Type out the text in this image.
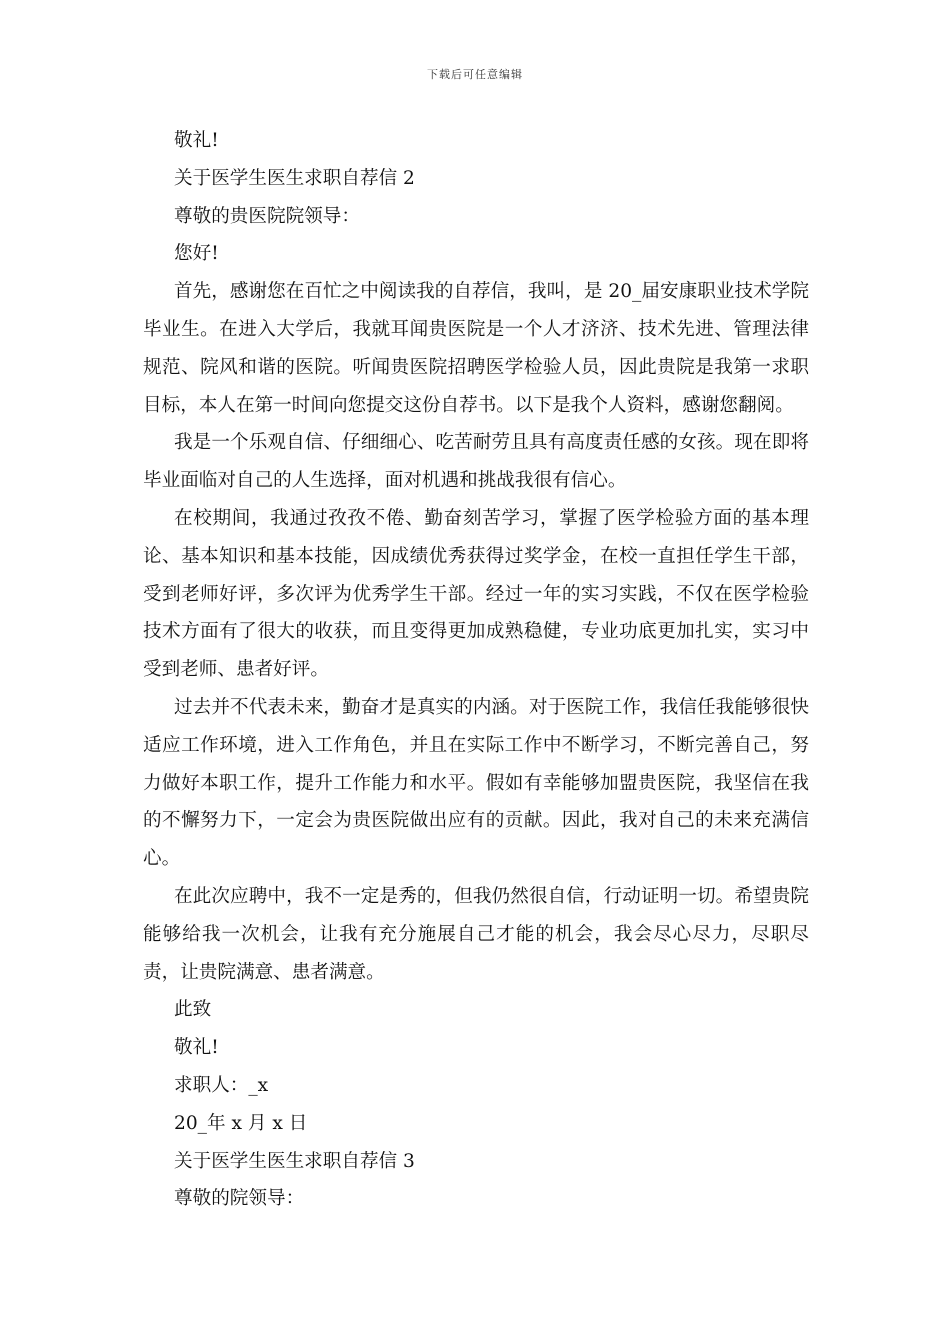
下载后可任意编辑

敬礼!

关于医学生医生求职自荐信 2

尊敬的贵医院院领导：

您好!

首先，感谢您在百忙之中阅读我的自荐信，我叫，是 20_届安康职业技术学院毕业生。在进入大学后，我就耳闻贵医院是一个人才济济、技术先进、管理法律规范、院风和谐的医院。听闻贵医院招聘医学检验人员，因此贵院是我第一求职目标，本人在第一时间向您提交这份自荐书。以下是我个人资料，感谢您翻阅。

我是一个乐观自信、仔细细心、吃苦耐劳且具有高度责任感的女孩。现在即将毕业面临对自己的人生选择，面对机遇和挑战我很有信心。

在校期间，我通过孜孜不倦、勤奋刻苦学习，掌握了医学检验方面的基本理论、基本知识和基本技能，因成绩优秀获得过奖学金，在校一直担任学生干部，受到老师好评，多次评为优秀学生干部。经过一年的实习实践，不仅在医学检验技术方面有了很大的收获，而且变得更加成熟稳健，专业功底更加扎实，实习中受到老师、患者好评。

过去并不代表未来，勤奋才是真实的内涵。对于医院工作，我信任我能够很快适应工作环境，进入工作角色，并且在实际工作中不断学习，不断完善自己，努力做好本职工作，提升工作能力和水平。假如有幸能够加盟贵医院，我坚信在我的不懈努力下，一定会为贵医院做出应有的贡献。因此，我对自己的未来充满信心。

在此次应聘中，我不一定是秀的，但我仍然很自信，行动证明一切。希望贵院能够给我一次机会，让我有充分施展自己才能的机会，我会尽心尽力，尽职尽责，让贵院满意、患者满意。

此致

敬礼!

求职人：_x

20_年 x 月 x 日

关于医学生医生求职自荐信 3

尊敬的院领导：
